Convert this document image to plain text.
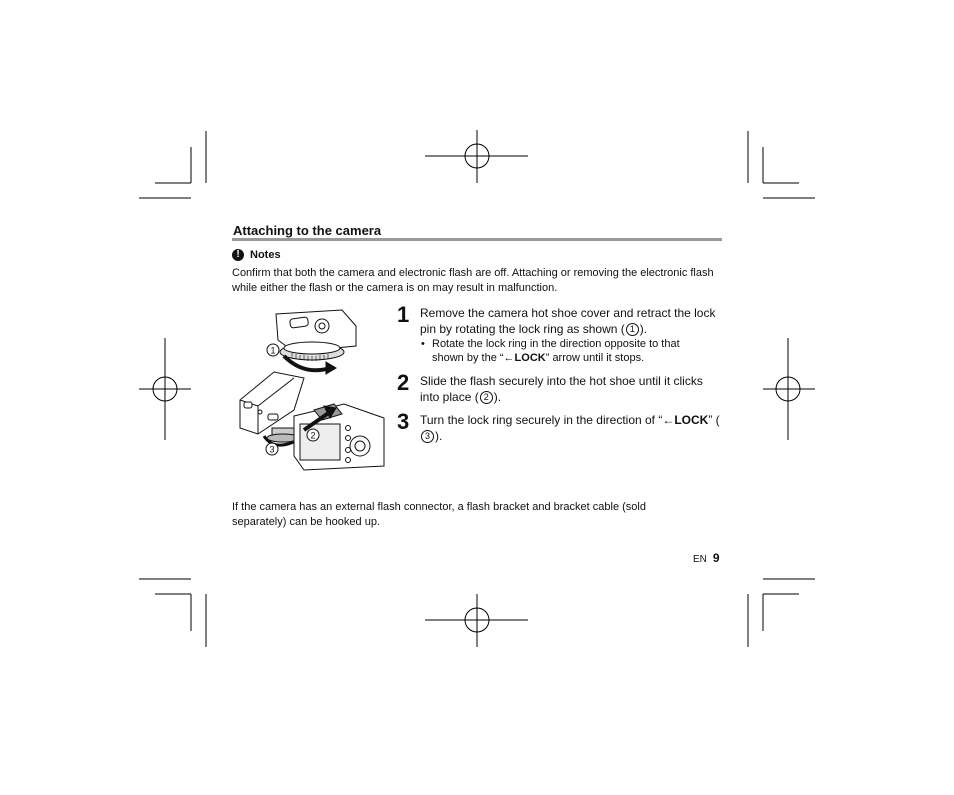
Attaching to the camera
! Notes
Confirm that both the camera and electronic flash are off. Attaching or removing the electronic flash while either the flash or the camera is on may result in malfunction.
1
2
3
1 Remove the camera hot shoe cover and retract the lock pin by rotating the lock ring as shown ( 1 ).
• Rotate the lock ring in the direction opposite to that shown by the “←LOCK” arrow until it stops.
2 Slide the flash securely into the hot shoe until it clicks into place ( 2 ).
3 Turn the lock ring securely in the direction of “←LOCK” (3 ).
If the camera has an external flash connector, a flash bracket and bracket cable (sold separately) can be hooked up.
EN 9
